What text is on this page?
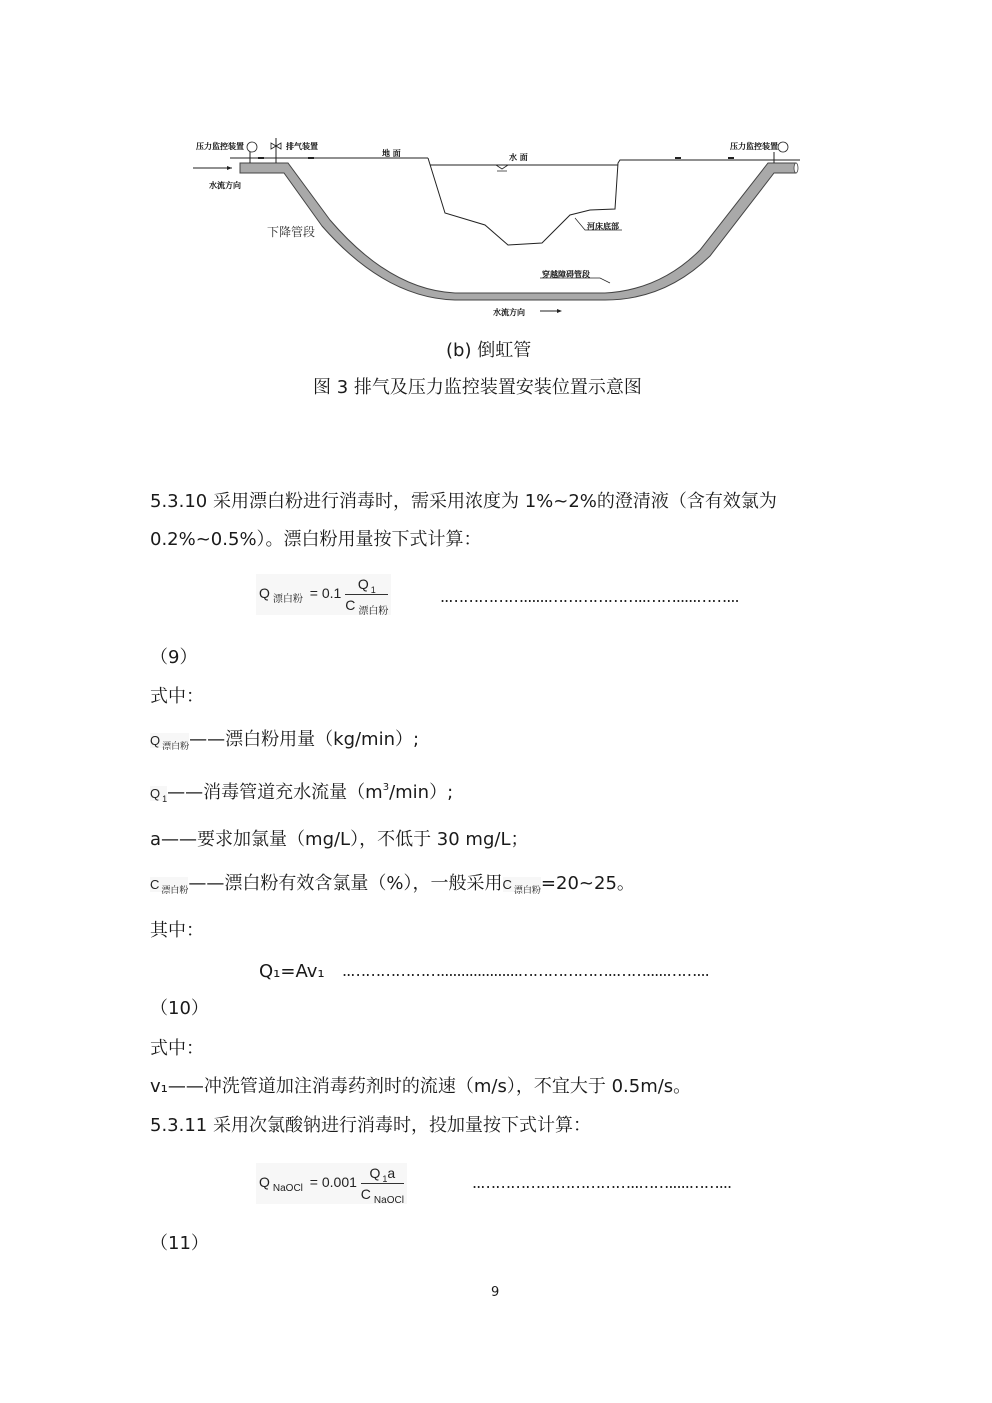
压力监控装置	排气装置
地 面	水 面
压力监控装置
水流方向
下降管段	河床底部
穿越障碍管段
水流方向
(b) 倒虹管
图 3 排气及压力监控装置安装位置示意图
5.3.10 采用漂白粉进行消毒时，需采用浓度为 1%~2%的澄清液（含有效氯为
0.2%~0.5%）。漂白粉用量按下式计算：
Q $_{漂白粉} = 0.1 \frac{Q _1}{C _{漂白粉}}$	..……………......………………..…….....……...
（9）
式中：
Q $_{漂白粉}$——漂白粉用量（kg/min）;
Q $_1$——消毒管道充水流量$(m^3/\min)$;
a——要求加氯量（mg/L），不低于 30 mg/L；
C $_{漂白粉}$——漂白粉有效含氯量（%），一般采用C $_{漂白粉}$=20~25。
其中：
Q₁=Av₁ ..………………...................………………..…….....……...
（10）
式中：
v₁——冲洗管道加注消毒药剂时的流速（m/s），不宜大于 0.5m/s。
5.3.11 采用次氯酸钠进行消毒时，投加量按下式计算：
Q $_{NaOCl} = 0.001 \frac{Q _1a}{C _{NaOCl}}$	..…………………………..…….....……...
（11）
9
